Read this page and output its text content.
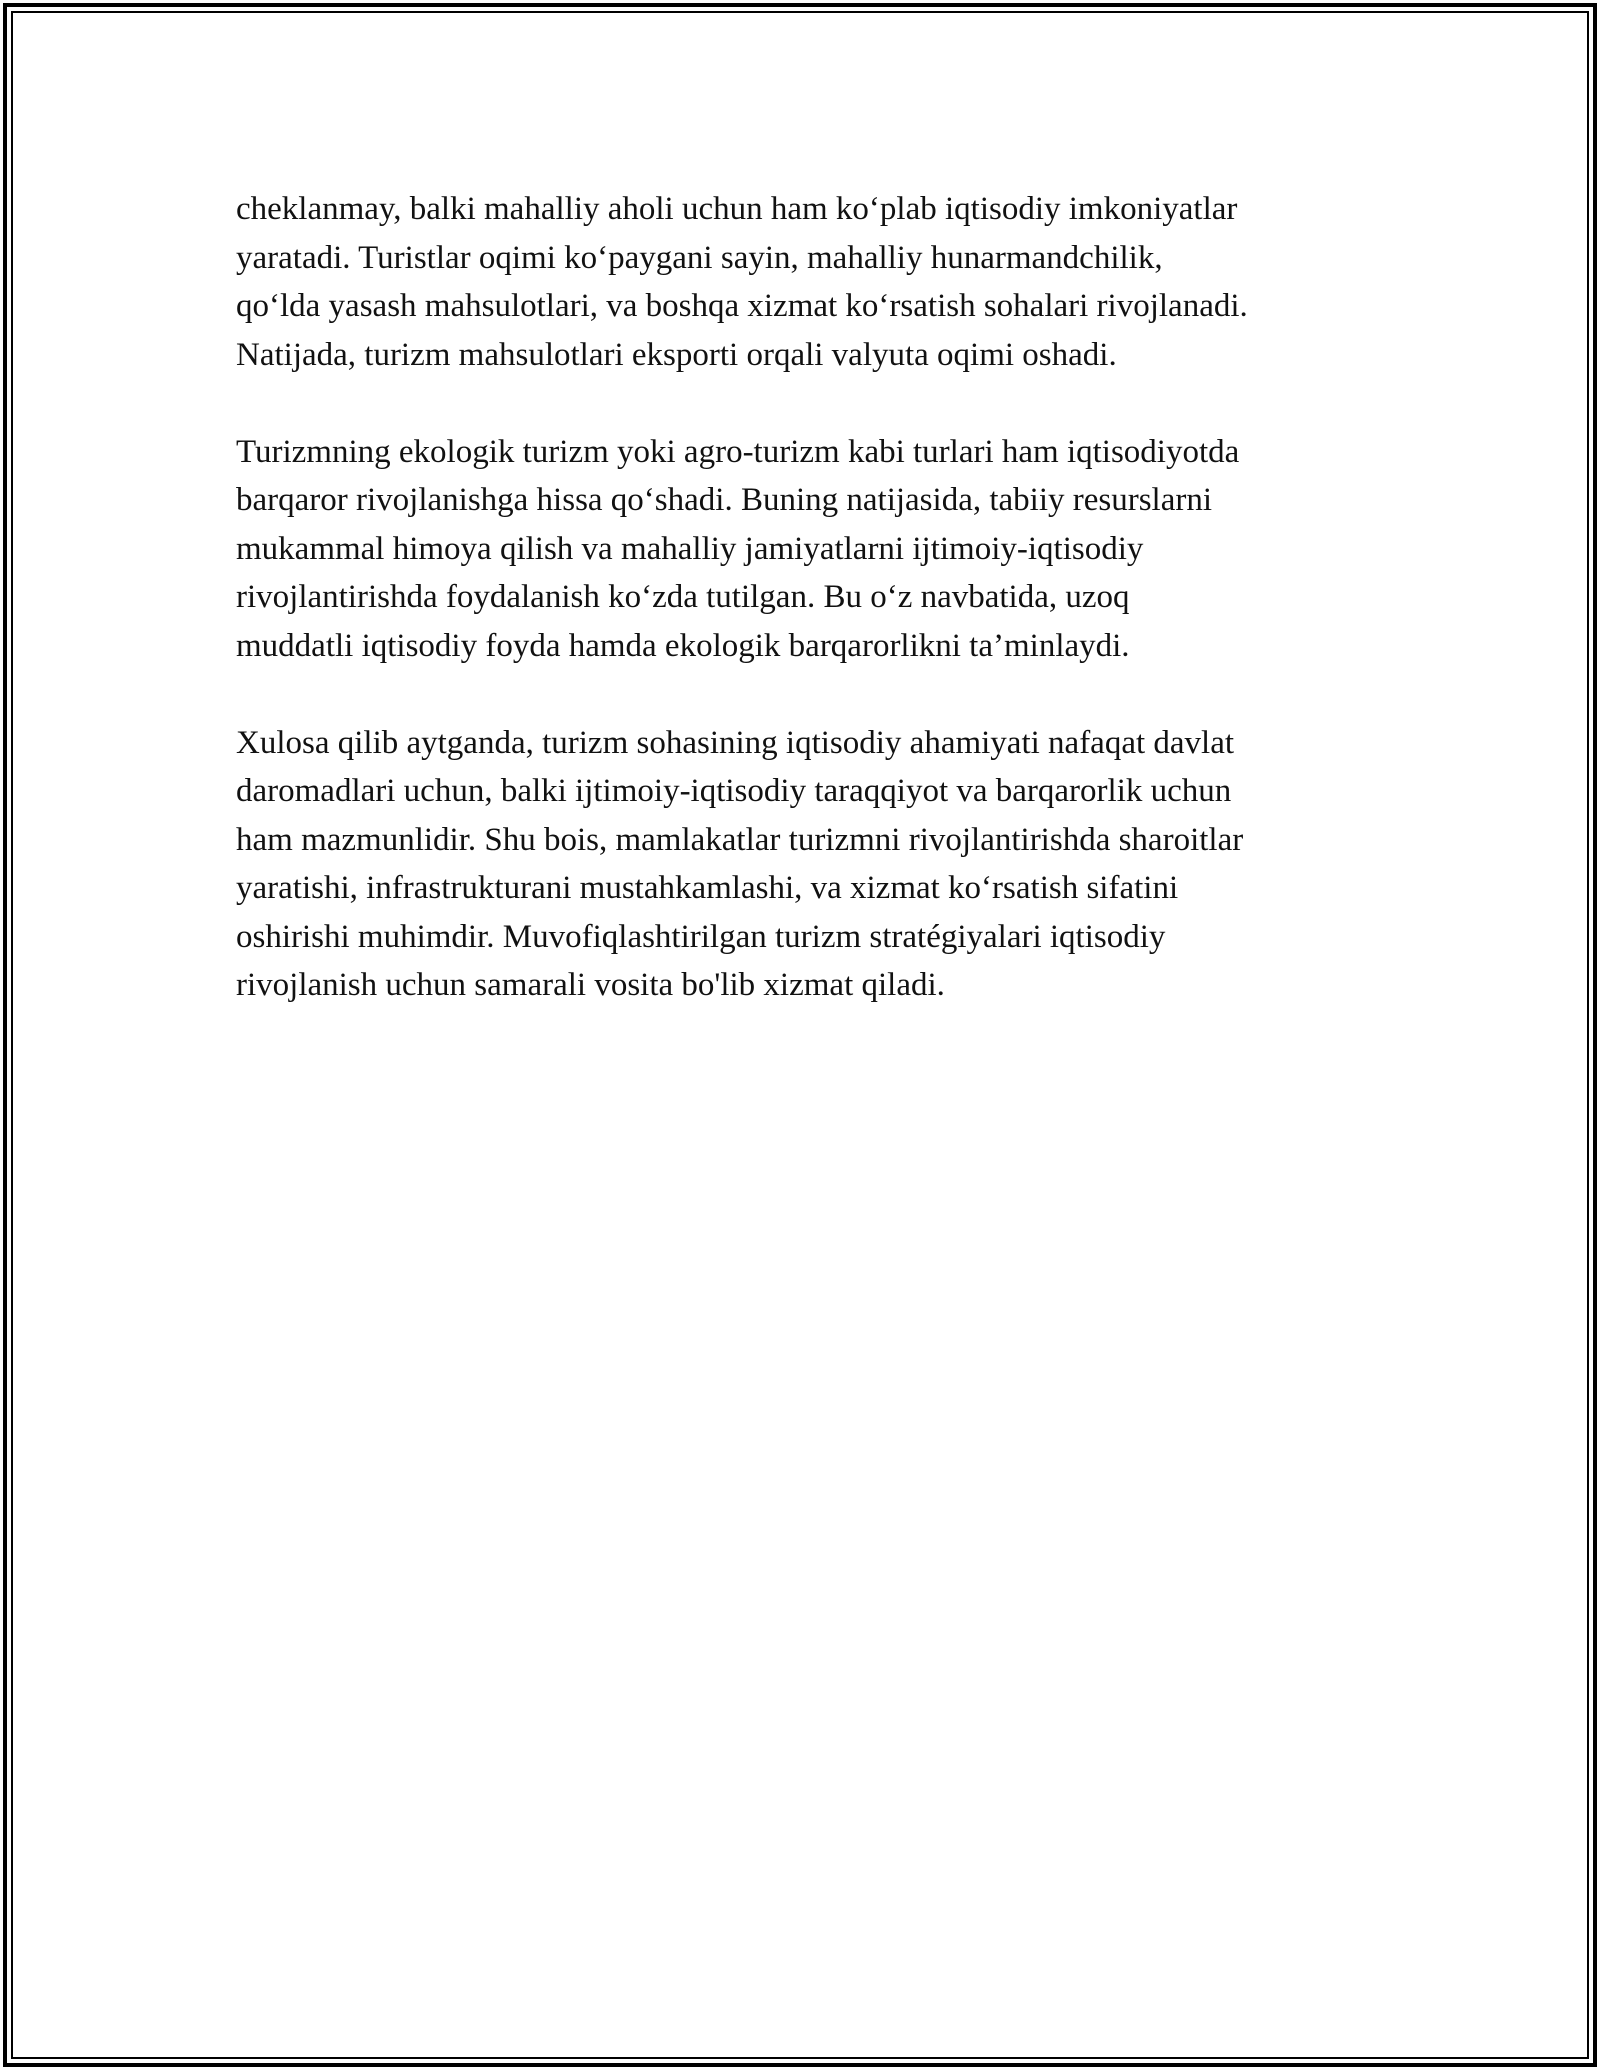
cheklanmay, balki mahalliy aholi uchun ham ko‘plab iqtisodiy imkoniyatlar
yaratadi. Turistlar oqimi ko‘paygani sayin, mahalliy hunarmandchilik,
qo‘lda yasash mahsulotlari, va boshqa xizmat ko‘rsatish sohalari rivojlanadi.
Natijada, turizm mahsulotlari eksporti orqali valyuta oqimi oshadi.

Turizmning ekologik turizm yoki agro-turizm kabi turlari ham iqtisodiyotda
barqaror rivojlanishga hissa qo‘shadi. Buning natijasida, tabiiy resurslarni
mukammal himoya qilish va mahalliy jamiyatlarni ijtimoiy-iqtisodiy
rivojlantirishda foydalanish ko‘zda tutilgan. Bu o‘z navbatida, uzoq
muddatli iqtisodiy foyda hamda ekologik barqarorlikni ta’minlaydi.

Xulosa qilib aytganda, turizm sohasining iqtisodiy ahamiyati nafaqat davlat
daromadlari uchun, balki ijtimoiy-iqtisodiy taraqqiyot va barqarorlik uchun
ham mazmunlidir. Shu bois, mamlakatlar turizmni rivojlantirishda sharoitlar
yaratishi, infrastrukturani mustahkamlashi, va xizmat ko‘rsatish sifatini
oshirishi muhimdir. Muvofiqlashtirilgan turizm stratégiyalari iqtisodiy
rivojlanish uchun samarali vosita bo'lib xizmat qiladi.
